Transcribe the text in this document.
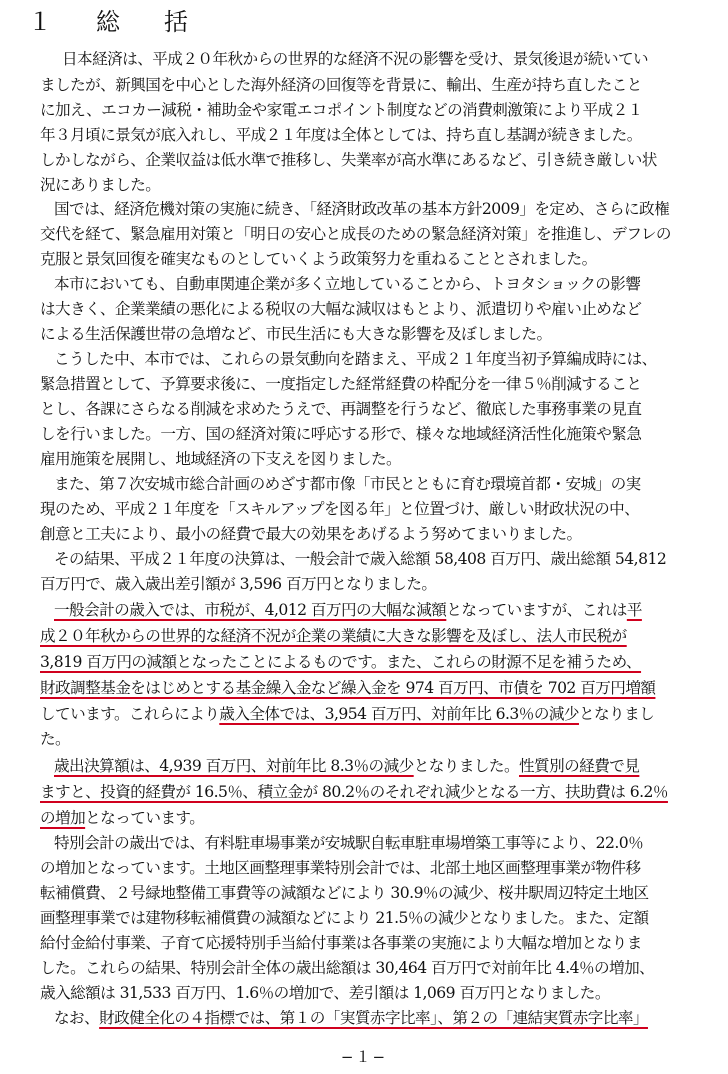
１　総　括
日本経済は、平成２０年秋からの世界的な経済不況の影響を受け、景気後退が続いてい
ましたが、新興国を中心とした海外経済の回復等を背景に、輸出、生産が持ち直したこと
に加え、エコカー減税・補助金や家電エコポイント制度などの消費刺激策により平成２１
年３月頃に景気が底入れし、平成２１年度は全体としては、持ち直し基調が続きました。
しかしながら、企業収益は低水準で推移し、失業率が高水準にあるなど、引き続き厳しい状
況にありました。
国では、経済危機対策の実施に続き、「経済財政改革の基本方針2009」を定め、さらに政権
交代を経て、緊急雇用対策と「明日の安心と成長のための緊急経済対策」を推進し、デフレの
克服と景気回復を確実なものとしていくよう政策努力を重ねることとされました。
本市においても、自動車関連企業が多く立地していることから、トヨタショックの影響
は大きく、企業業績の悪化による税収の大幅な減収はもとより、派遣切りや雇い止めなど
による生活保護世帯の急増など、市民生活にも大きな影響を及ぼしました。
こうした中、本市では、これらの景気動向を踏まえ、平成２１年度当初予算編成時には、
緊急措置として、予算要求後に、一度指定した経常経費の枠配分を一律５％削減すること
とし、各課にさらなる削減を求めたうえで、再調整を行うなど、徹底した事務事業の見直
しを行いました。一方、国の経済対策に呼応する形で、様々な地域経済活性化施策や緊急
雇用施策を展開し、地域経済の下支えを図りました。
また、第７次安城市総合計画のめざす都市像「市民とともに育む環境首都・安城」の実
現のため、平成２１年度を「スキルアップを図る年」と位置づけ、厳しい財政状況の中、
創意と工夫により、最小の経費で最大の効果をあげるよう努めてまいりました。
その結果、平成２１年度の決算は、一般会計で歳入総額 58,408 百万円、歳出総額 54,812
百万円で、歳入歳出差引額が 3,596 百万円となりました。
一般会計の歳入では、市税が、4,012 百万円の大幅な減額となっていますが、これは平
成２０年秋からの世界的な経済不況が企業の業績に大きな影響を及ぼし、法人市民税が
3,819 百万円の減額となったことによるものです。また、これらの財源不足を補うため、
財政調整基金をはじめとする基金繰入金など繰入金を 974 百万円、市債を 702 百万円増額
しています。これらにより歳入全体では、3,954 百万円、対前年比 6.3％の減少となりまし
た。
歳出決算額は、4,939 百万円、対前年比 8.3％の減少となりました。性質別の経費で見
ますと、投資的経費が 16.5％、積立金が 80.2％のそれぞれ減少となる一方、扶助費は 6.2％
の増加となっています。
特別会計の歳出では、有料駐車場事業が安城駅自転車駐車場増築工事等により、22.0％
の増加となっています。土地区画整理事業特別会計では、北部土地区画整理事業が物件移
転補償費、２号緑地整備工事費等の減額などにより 30.9％の減少、桜井駅周辺特定土地区
画整理事業では建物移転補償費の減額などにより 21.5％の減少となりました。また、定額
給付金給付事業、子育て応援特別手当給付事業は各事業の実施により大幅な増加となりま
した。これらの結果、特別会計全体の歳出総額は 30,464 百万円で対前年比 4.4％の増加、
歳入総額は 31,533 百万円、1.6％の増加で、差引額は 1,069 百万円となりました。
なお、財政健全化の４指標では、第１の「実質赤字比率」、第２の「連結実質赤字比率」
−１−
